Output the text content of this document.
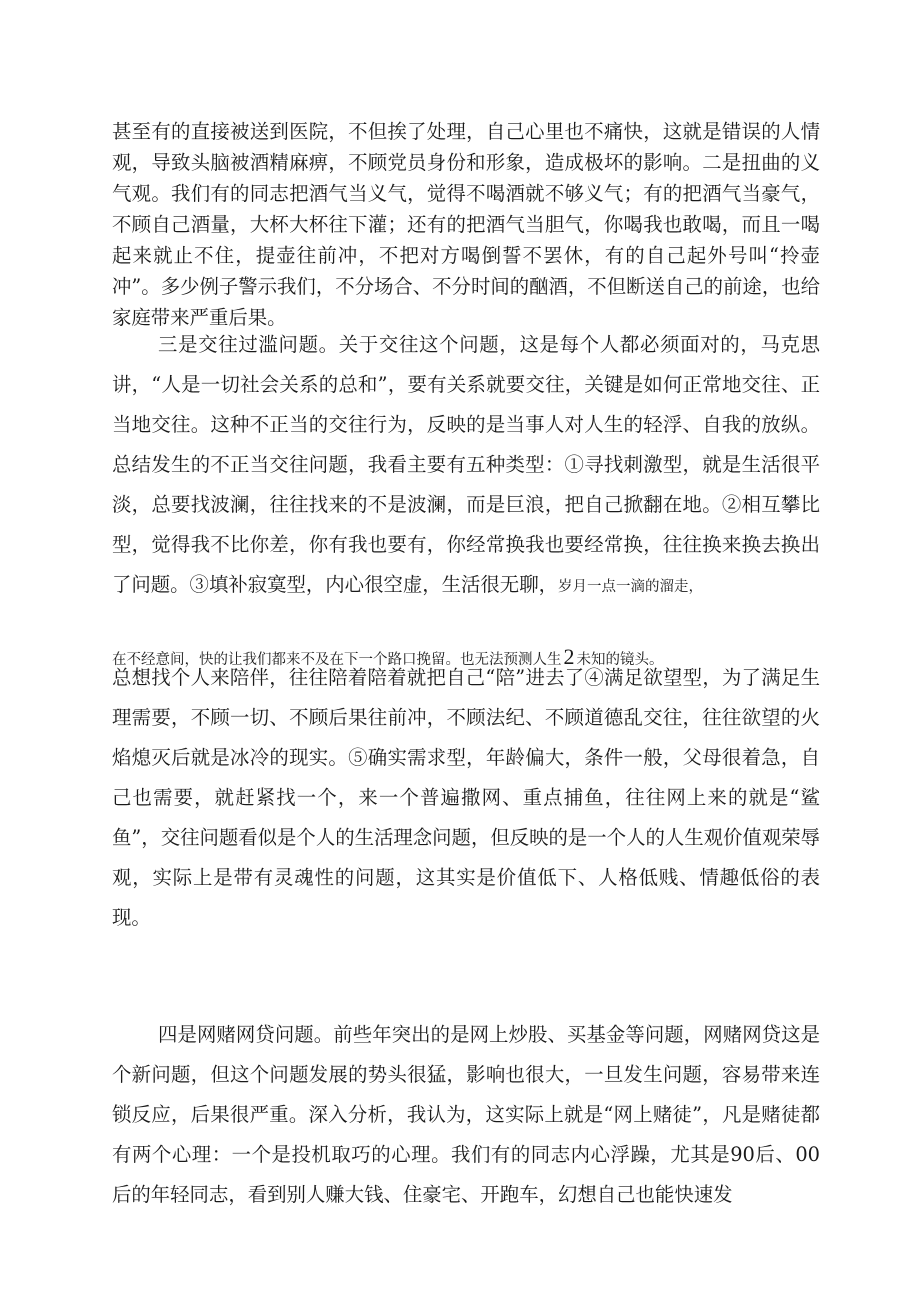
甚至有的直接被送到医院，不但挨了处理，自己心里也不痛快，这就是错误的人情观，导致头脑被酒精麻痹，不顾党员身份和形象，造成极坏的影响。二是扭曲的义气观。我们有的同志把酒气当义气，觉得不喝酒就不够义气；有的把酒气当豪气，不顾自己酒量，大杯大杯往下灌；还有的把酒气当胆气，你喝我也敢喝，而且一喝起来就止不住，提壶往前冲，不把对方喝倒誓不罢休，有的自己起外号叫“拎壶冲”。多少例子警示我们，不分场合、不分时间的酗酒，不但断送自己的前途，也给家庭带来严重后果。

三是交往过滥问题。关于交往这个问题，这是每个人都必须面对的，马克思讲，“人是一切社会关系的总和”，要有关系就要交往，关键是如何正常地交往、正当地交往。这种不正当的交往行为，反映的是当事人对人生的轻浮、自我的放纵。总结发生的不正当交往问题，我看主要有五种类型：①寻找刺激型，就是生活很平淡，总要找波澜，往往找来的不是波澜，而是巨浪，把自己掀翻在地。②相互攀比型，觉得我不比你差，你有我也要有，你经常换我也要经常换，往往换来换去换出了问题。③填补寂寞型，内心很空虚，生活很无聊，岁月一点一滴的溜走，

在不经意间，快的让我们都来不及在下一个路口挽留。也无法预测人生2 未知的镜头。

总想找个人来陪伴，往往陪着陪着就把自己“陪”进去了④满足欲望型，为了满足生理需要，不顾一切、不顾后果往前冲，不顾法纪、不顾道德乱交往，往往欲望的火焰熄灭后就是冰冷的现实。⑤确实需求型，年龄偏大，条件一般，父母很着急，自己也需要，就赶紧找一个，来一个普遍撒网、重点捕鱼，往往网上来的就是“鲨鱼”，交往问题看似是个人的生活理念问题，但反映的是一个人的人生观价值观荣辱观，实际上是带有灵魂性的问题，这其实是价值低下、人格低贱、情趣低俗的表现。

四是网赌网贷问题。前些年突出的是网上炒股、买基金等问题，网赌网贷这是个新问题，但这个问题发展的势头很猛，影响也很大，一旦发生问题，容易带来连锁反应，后果很严重。深入分析，我认为，这实际上就是“网上赌徒”，凡是赌徒都有两个心理：一个是投机取巧的心理。我们有的同志内心浮躁，尤其是90后、00后的年轻同志，看到别人赚大钱、住豪宅、开跑车，幻想自己也能快速发
